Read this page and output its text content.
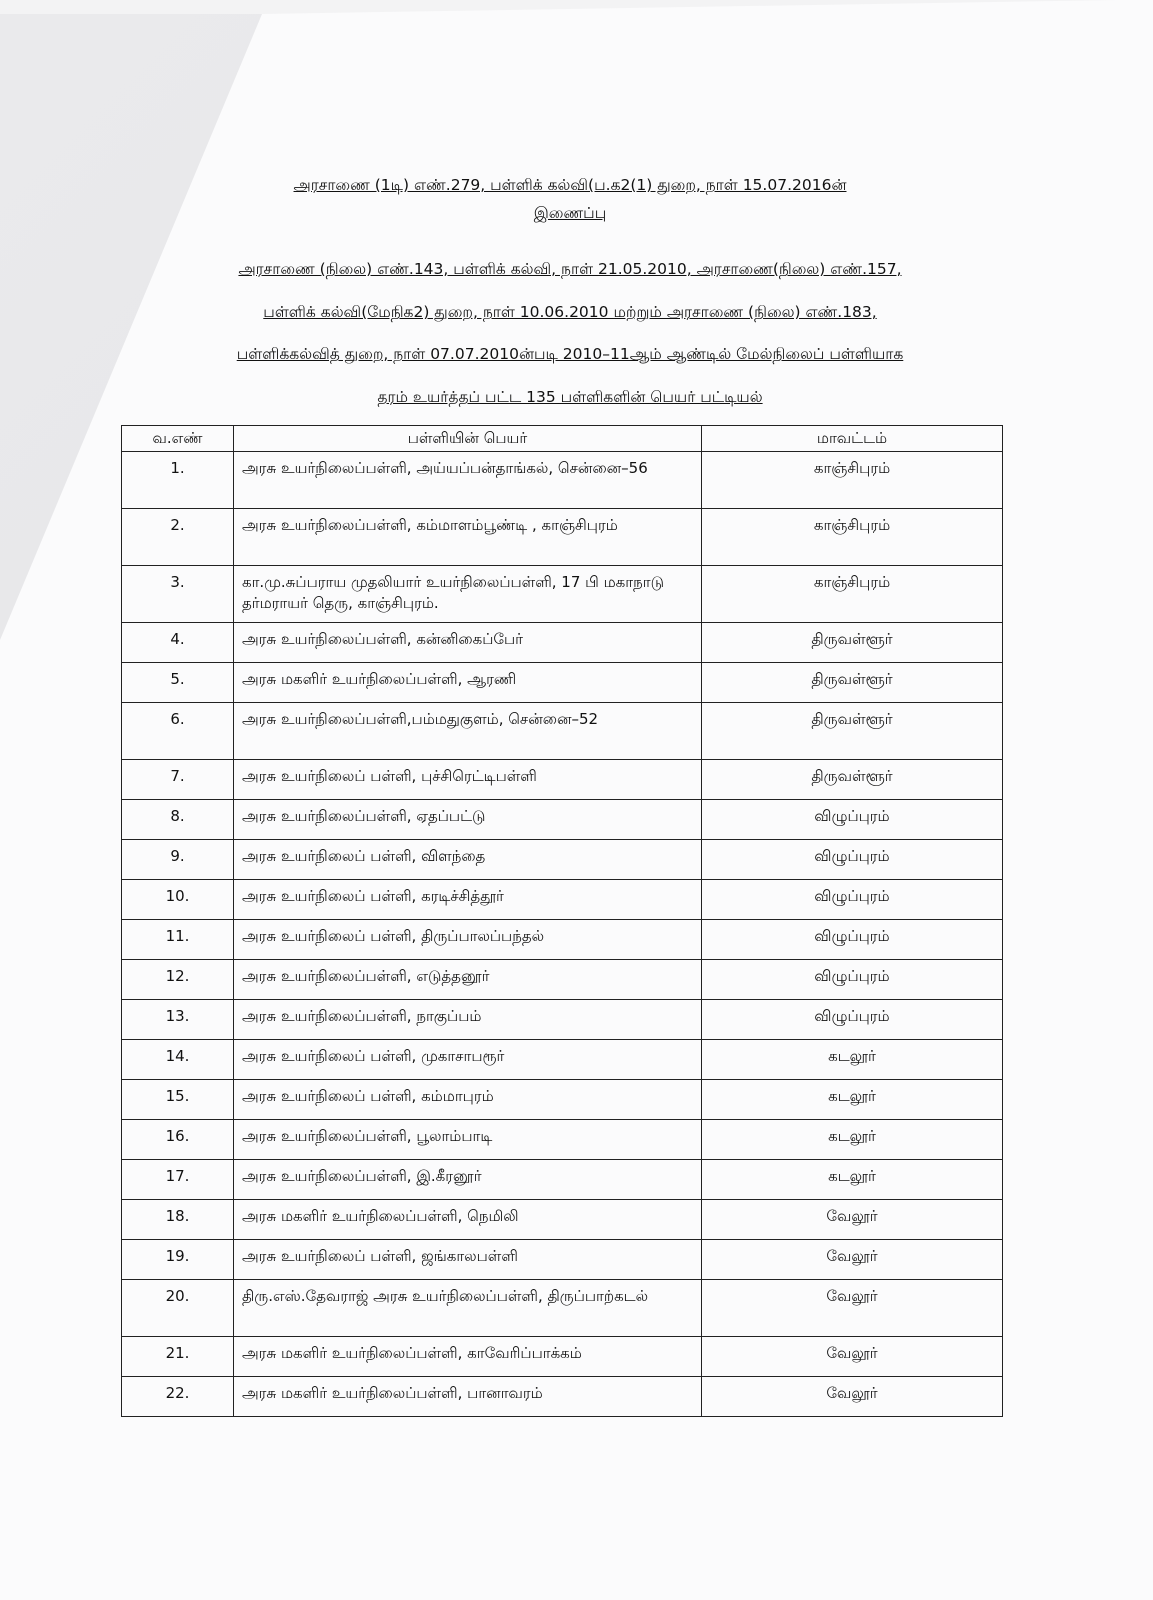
அரசாணை (1டி) எண்.279, பள்ளிக் கல்வி(ப.க2(1) துறை, நாள் 15.07.2016ன்
இணைப்பு
அரசாணை (நிலை) எண்.143, பள்ளிக் கல்வி, நாள் 21.05.2010, அரசாணை(நிலை) எண்.157,
பள்ளிக் கல்வி(மேநிக2) துறை, நாள் 10.06.2010 மற்றும் அரசாணை (நிலை) எண்.183,
பள்ளிக்கல்வித் துறை, நாள் 07.07.2010ன்படி 2010–11ஆம் ஆண்டில் மேல்நிலைப் பள்ளியாக
தரம் உயர்த்தப் பட்ட 135 பள்ளிகளின் பெயர் பட்டியல்
வ.எண்	பள்ளியின் பெயர்	மாவட்டம்
1.	அரசு உயர்நிலைப்பள்ளி, அய்யப்பன்தாங்கல், சென்னை–56	காஞ்சிபுரம்
2.	அரசு உயர்நிலைப்பள்ளி, கம்மாளம்பூண்டி , காஞ்சிபுரம்	காஞ்சிபுரம்
3.	கா.மு.சுப்பராய முதலியார் உயர்நிலைப்பள்ளி, 17 பி மகாநாடு தர்மராயர் தெரு, காஞ்சிபுரம்.	காஞ்சிபுரம்
4.	அரசு உயர்நிலைப்பள்ளி, கன்னிகைப்பேர்	திருவள்ளூர்
5.	அரசு மகளிர் உயர்நிலைப்பள்ளி, ஆரணி	திருவள்ளூர்
6.	அரசு உயர்நிலைப்பள்ளி,பம்மதுகுளம், சென்னை–52	திருவள்ளூர்
7.	அரசு உயர்நிலைப் பள்ளி, புச்சிரெட்டிபள்ளி	திருவள்ளூர்
8.	அரசு உயர்நிலைப்பள்ளி, ஏதப்பட்டு	விழுப்புரம்
9.	அரசு உயர்நிலைப் பள்ளி, விளந்தை	விழுப்புரம்
10.	அரசு உயர்நிலைப் பள்ளி, கரடிச்சித்தூர்	விழுப்புரம்
11.	அரசு உயர்நிலைப் பள்ளி, திருப்பாலப்பந்தல்	விழுப்புரம்
12.	அரசு உயர்நிலைப்பள்ளி, எடுத்தனூர்	விழுப்புரம்
13.	அரசு உயர்நிலைப்பள்ளி, நாகுப்பம்	விழுப்புரம்
14.	அரசு உயர்நிலைப் பள்ளி, முகாசாபரூர்	கடலூர்
15.	அரசு உயர்நிலைப் பள்ளி, கம்மாபுரம்	கடலூர்
16.	அரசு உயர்நிலைப்பள்ளி, பூலாம்பாடி	கடலூர்
17.	அரசு உயர்நிலைப்பள்ளி, இ.கீரனூர்	கடலூர்
18.	அரசு மகளிர் உயர்நிலைப்பள்ளி, நெமிலி	வேலூர்
19.	அரசு உயர்நிலைப் பள்ளி, ஜங்காலபள்ளி	வேலூர்
20.	திரு.எஸ்.தேவராஜ் அரசு உயர்நிலைப்பள்ளி, திருப்பாற்கடல்	வேலூர்
21.	அரசு மகளிர் உயர்நிலைப்பள்ளி, காவேரிப்பாக்கம்	வேலூர்
22.	அரசு மகளிர் உயர்நிலைப்பள்ளி, பானாவரம்	வேலூர்
